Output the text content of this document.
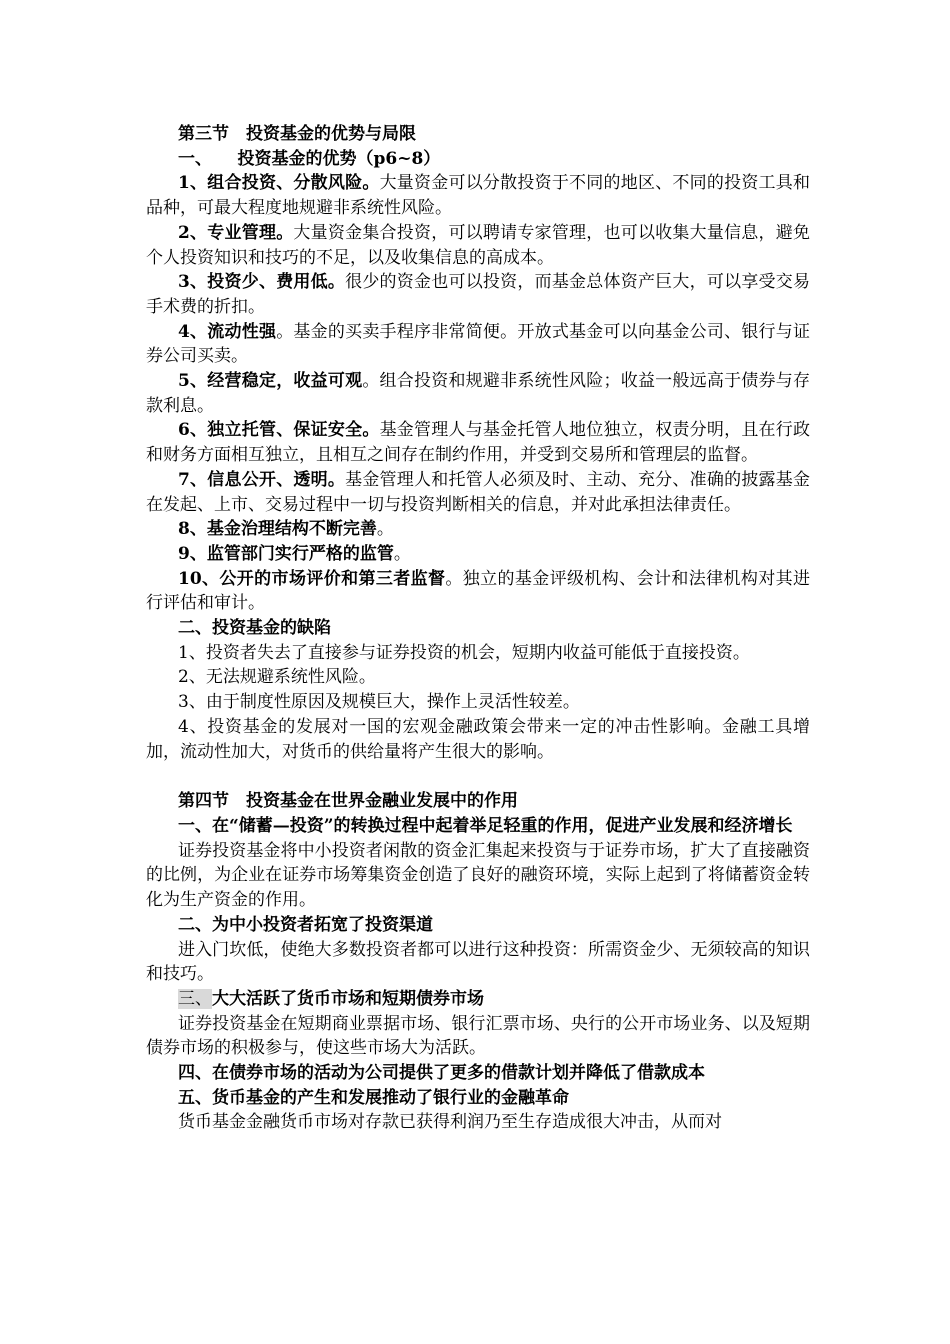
第三节　投资基金的优势与局限

一、　　投资基金的优势（p6~8）

1、组合投资、分散风险。大量资金可以分散投资于不同的地区、不同的投资工具和品种，可最大程度地规避非系统性风险。

2、专业管理。大量资金集合投资，可以聘请专家管理，也可以收集大量信息，避免个人投资知识和技巧的不足，以及收集信息的高成本。

3、投资少、费用低。很少的资金也可以投资，而基金总体资产巨大，可以享受交易手术费的折扣。

4、流动性强。基金的买卖手程序非常简便。开放式基金可以向基金公司、银行与证券公司买卖。

5、经营稳定，收益可观。组合投资和规避非系统性风险；收益一般远高于债券与存款利息。

6、独立托管、保证安全。基金管理人与基金托管人地位独立，权责分明，且在行政和财务方面相互独立，且相互之间存在制约作用，并受到交易所和管理层的监督。

7、信息公开、透明。基金管理人和托管人必须及时、主动、充分、准确的披露基金在发起、上市、交易过程中一切与投资判断相关的信息，并对此承担法律责任。

8、基金治理结构不断完善。

9、监管部门实行严格的监管。

10、公开的市场评价和第三者监督。独立的基金评级机构、会计和法律机构对其进行评估和审计。

二、投资基金的缺陷

1、投资者失去了直接参与证券投资的机会，短期内收益可能低于直接投资。

2、无法规避系统性风险。

3、由于制度性原因及规模巨大，操作上灵活性较差。

4、投资基金的发展对一国的宏观金融政策会带来一定的冲击性影响。金融工具增加，流动性加大，对货币的供给量将产生很大的影响。

第四节　投资基金在世界金融业发展中的作用

一、在“储蓄—投资”的转换过程中起着举足轻重的作用，促进产业发展和经济增长

证券投资基金将中小投资者闲散的资金汇集起来投资与于证券市场，扩大了直接融资的比例，为企业在证券市场筹集资金创造了良好的融资环境，实际上起到了将储蓄资金转化为生产资金的作用。

二、为中小投资者拓宽了投资渠道

进入门坎低，使绝大多数投资者都可以进行这种投资：所需资金少、无须较高的知识和技巧。

三、大大活跃了货币市场和短期债券市场

证券投资基金在短期商业票据市场、银行汇票市场、央行的公开市场业务、以及短期债券市场的积极参与，使这些市场大为活跃。

四、在债券市场的活动为公司提供了更多的借款计划并降低了借款成本

五、货币基金的产生和发展推动了银行业的金融革命

货币基金金融货币市场对存款已获得利润乃至生存造成很大冲击，从而对
